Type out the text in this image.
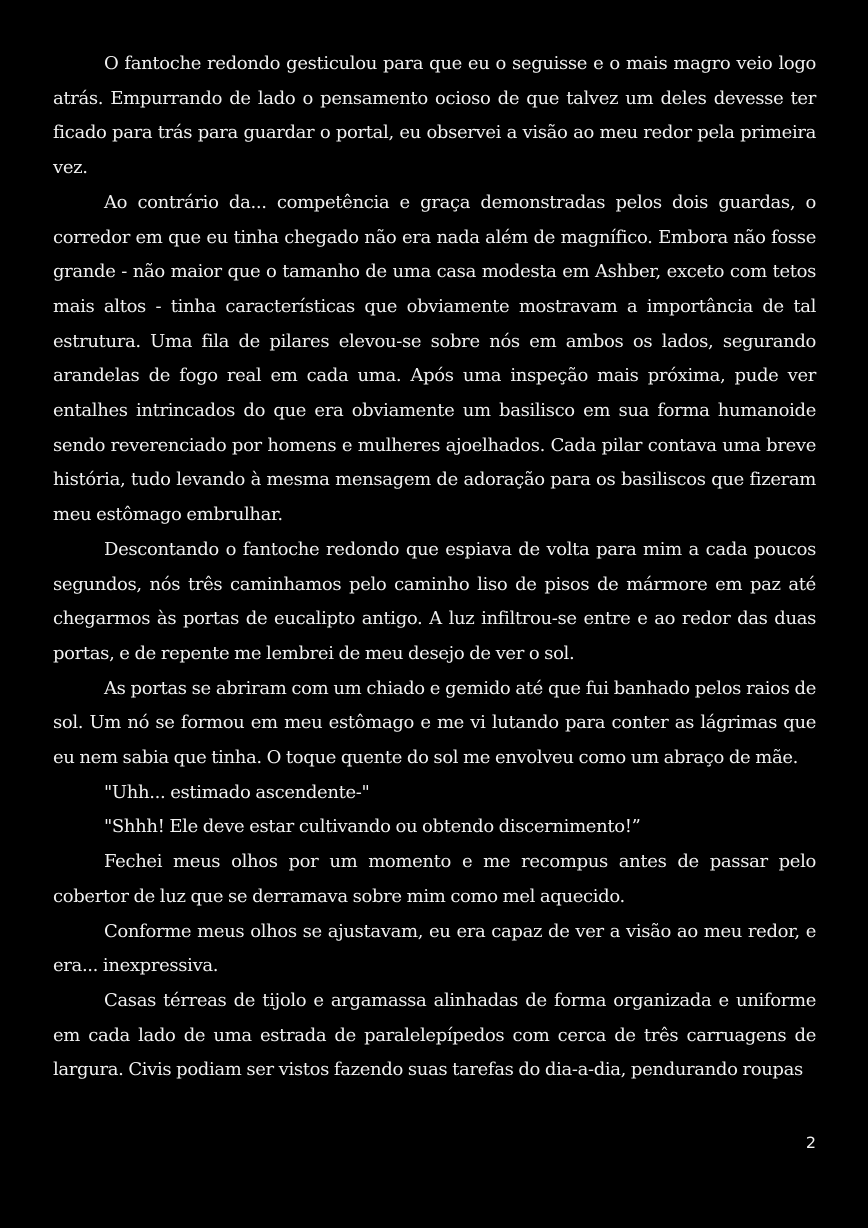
O fantoche redondo gesticulou para que eu o seguisse e o mais magro veio logo atrás. Empurrando de lado o pensamento ocioso de que talvez um deles devesse ter ficado para trás para guardar o portal, eu observei a visão ao meu redor pela primeira vez.

Ao contrário da... competência e graça demonstradas pelos dois guardas, o corredor em que eu tinha chegado não era nada além de magnífico. Embora não fosse grande - não maior que o tamanho de uma casa modesta em Ashber, exceto com tetos mais altos - tinha características que obviamente mostravam a importância de tal estrutura. Uma fila de pilares elevou-se sobre nós em ambos os lados, segurando arandelas de fogo real em cada uma. Após uma inspeção mais próxima, pude ver entalhes intrincados do que era obviamente um basilisco em sua forma humanoide sendo reverenciado por homens e mulheres ajoelhados. Cada pilar contava uma breve história, tudo levando à mesma mensagem de adoração para os basiliscos que fizeram meu estômago embrulhar.

Descontando o fantoche redondo que espiava de volta para mim a cada poucos segundos, nós três caminhamos pelo caminho liso de pisos de mármore em paz até chegarmos às portas de eucalipto antigo. A luz infiltrou-se entre e ao redor das duas portas, e de repente me lembrei de meu desejo de ver o sol.

As portas se abriram com um chiado e gemido até que fui banhado pelos raios de sol. Um nó se formou em meu estômago e me vi lutando para conter as lágrimas que eu nem sabia que tinha. O toque quente do sol me envolveu como um abraço de mãe.

"Uhh... estimado ascendente-"

"Shhh! Ele deve estar cultivando ou obtendo discernimento!”

Fechei meus olhos por um momento e me recompus antes de passar pelo cobertor de luz que se derramava sobre mim como mel aquecido.

Conforme meus olhos se ajustavam, eu era capaz de ver a visão ao meu redor, e era... inexpressiva.

Casas térreas de tijolo e argamassa alinhadas de forma organizada e uniforme em cada lado de uma estrada de paralelepípedos com cerca de três carruagens de largura. Civis podiam ser vistos fazendo suas tarefas do dia-a-dia, pendurando roupas

2
